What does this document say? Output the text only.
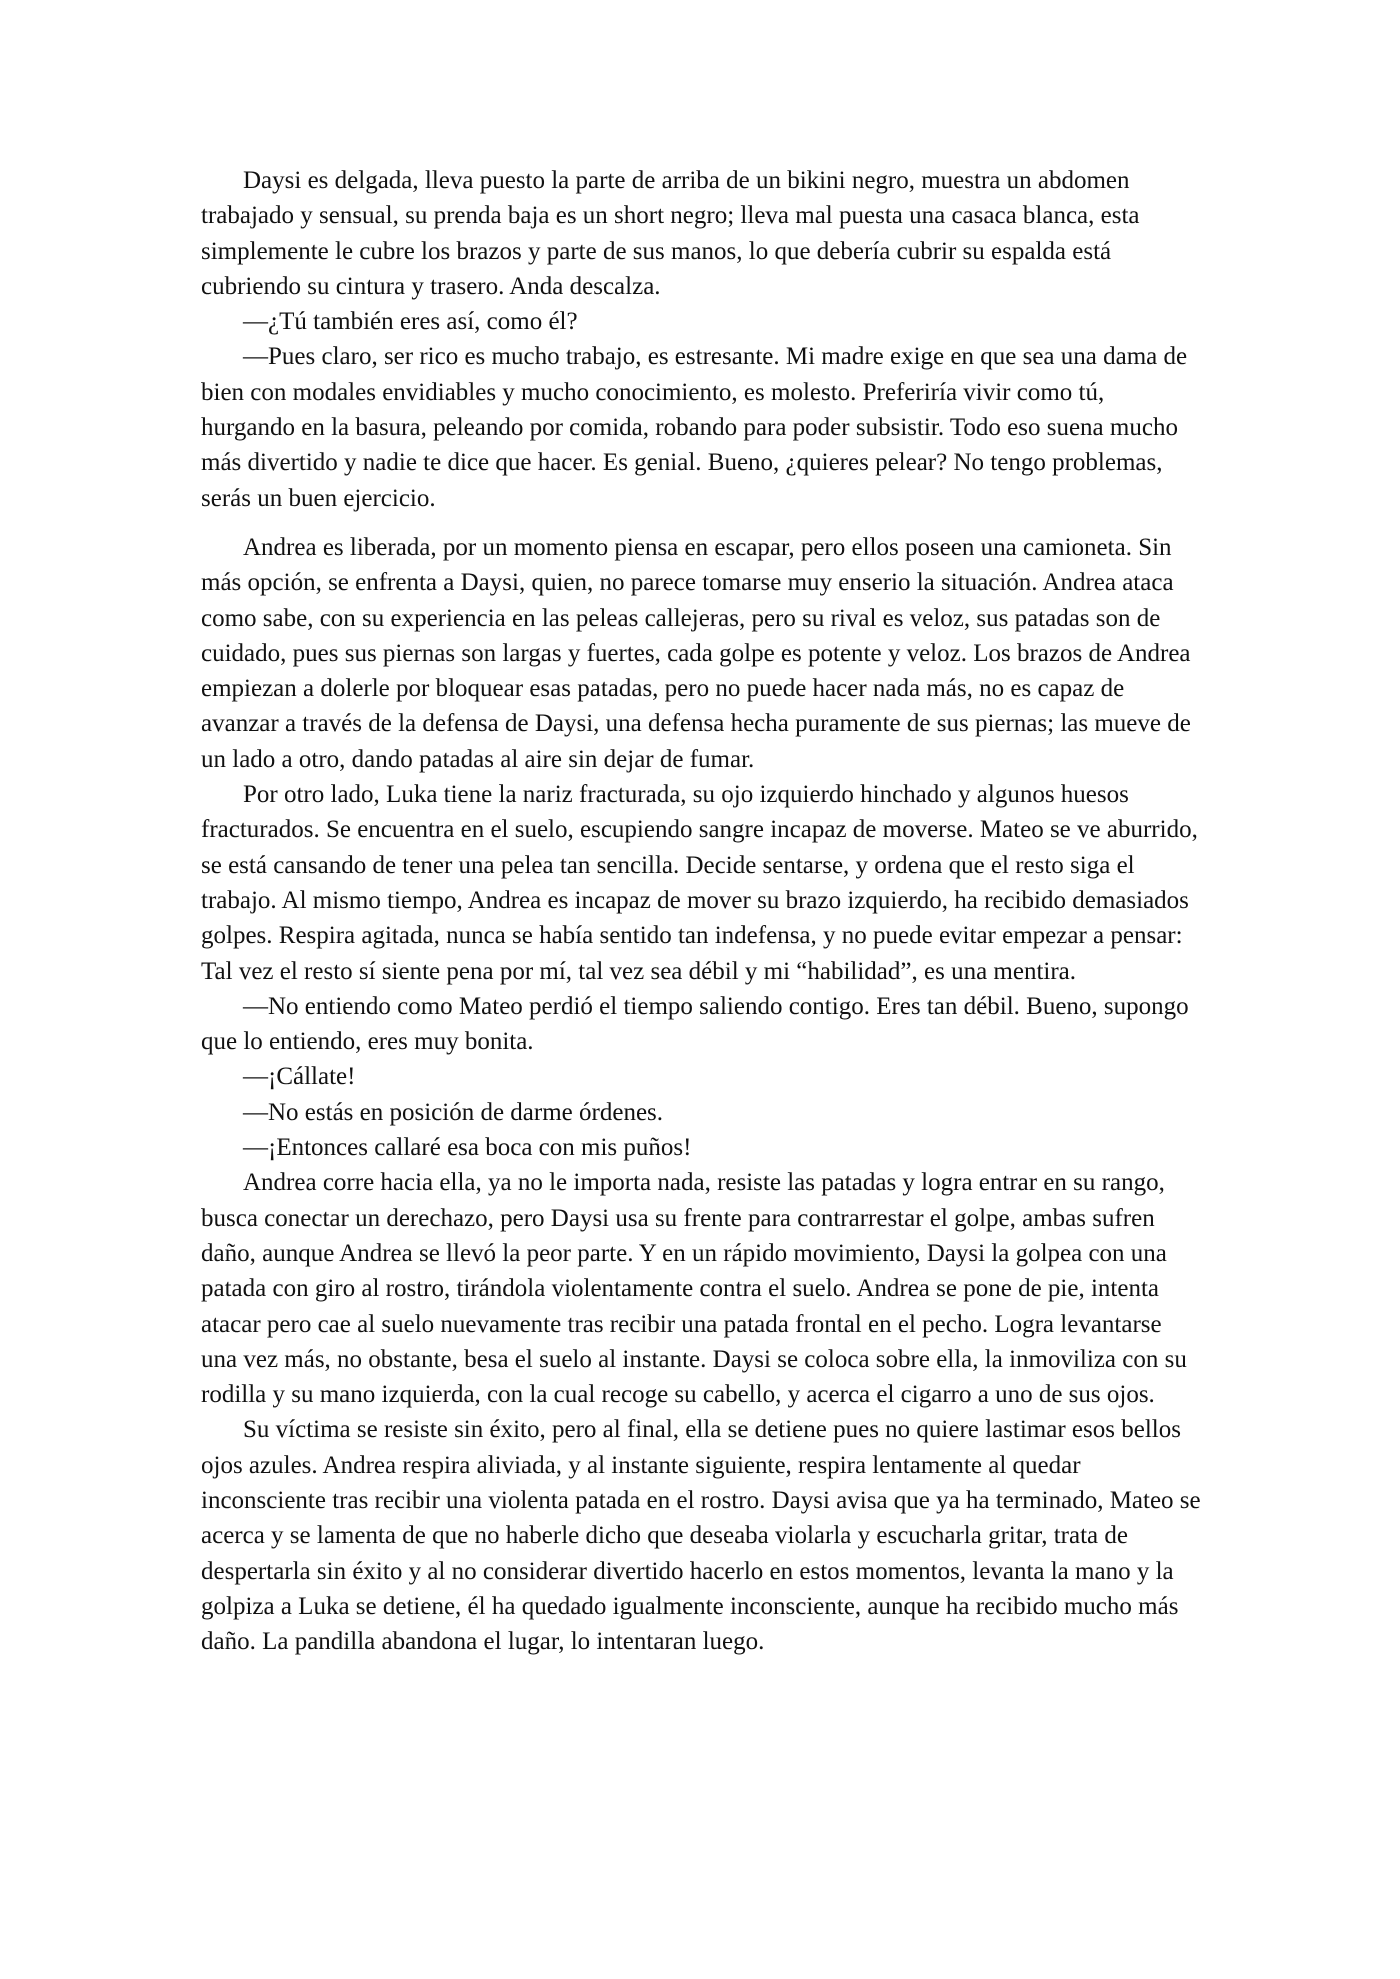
Daysi es delgada, lleva puesto la parte de arriba de un bikini negro, muestra un abdomen trabajado y sensual, su prenda baja es un short negro; lleva mal puesta una casaca blanca, esta simplemente le cubre los brazos y parte de sus manos, lo que debería cubrir su espalda está cubriendo su cintura y trasero. Anda descalza.

—¿Tú también eres así, como él?

—Pues claro, ser rico es mucho trabajo, es estresante. Mi madre exige en que sea una dama de bien con modales envidiables y mucho conocimiento, es molesto. Preferiría vivir como tú, hurgando en la basura, peleando por comida, robando para poder subsistir. Todo eso suena mucho más divertido y nadie te dice que hacer. Es genial. Bueno, ¿quieres pelear? No tengo problemas, serás un buen ejercicio.

Andrea es liberada, por un momento piensa en escapar, pero ellos poseen una camioneta. Sin más opción, se enfrenta a Daysi, quien, no parece tomarse muy enserio la situación. Andrea ataca como sabe, con su experiencia en las peleas callejeras, pero su rival es veloz, sus patadas son de cuidado, pues sus piernas son largas y fuertes, cada golpe es potente y veloz. Los brazos de Andrea empiezan a dolerle por bloquear esas patadas, pero no puede hacer nada más, no es capaz de avanzar a través de la defensa de Daysi, una defensa hecha puramente de sus piernas; las mueve de un lado a otro, dando patadas al aire sin dejar de fumar.

Por otro lado, Luka tiene la nariz fracturada, su ojo izquierdo hinchado y algunos huesos fracturados. Se encuentra en el suelo, escupiendo sangre incapaz de moverse. Mateo se ve aburrido, se está cansando de tener una pelea tan sencilla. Decide sentarse, y ordena que el resto siga el trabajo. Al mismo tiempo, Andrea es incapaz de mover su brazo izquierdo, ha recibido demasiados golpes. Respira agitada, nunca se había sentido tan indefensa, y no puede evitar empezar a pensar: Tal vez el resto sí siente pena por mí, tal vez sea débil y mi “habilidad”, es una mentira.

—No entiendo como Mateo perdió el tiempo saliendo contigo. Eres tan débil. Bueno, supongo que lo entiendo, eres muy bonita.

—¡Cállate!

—No estás en posición de darme órdenes.

—¡Entonces callaré esa boca con mis puños!

Andrea corre hacia ella, ya no le importa nada, resiste las patadas y logra entrar en su rango, busca conectar un derechazo, pero Daysi usa su frente para contrarrestar el golpe, ambas sufren daño, aunque Andrea se llevó la peor parte. Y en un rápido movimiento, Daysi la golpea con una patada con giro al rostro, tirándola violentamente contra el suelo. Andrea se pone de pie, intenta atacar pero cae al suelo nuevamente tras recibir una patada frontal en el pecho. Logra levantarse una vez más, no obstante, besa el suelo al instante. Daysi se coloca sobre ella, la inmoviliza con su rodilla y su mano izquierda, con la cual recoge su cabello, y acerca el cigarro a uno de sus ojos.

Su víctima se resiste sin éxito, pero al final, ella se detiene pues no quiere lastimar esos bellos ojos azules. Andrea respira aliviada, y al instante siguiente, respira lentamente al quedar inconsciente tras recibir una violenta patada en el rostro. Daysi avisa que ya ha terminado, Mateo se acerca y se lamenta de que no haberle dicho que deseaba violarla y escucharla gritar, trata de despertarla sin éxito y al no considerar divertido hacerlo en estos momentos, levanta la mano y la golpiza a Luka se detiene, él ha quedado igualmente inconsciente, aunque ha recibido mucho más daño. La pandilla abandona el lugar, lo intentaran luego.
